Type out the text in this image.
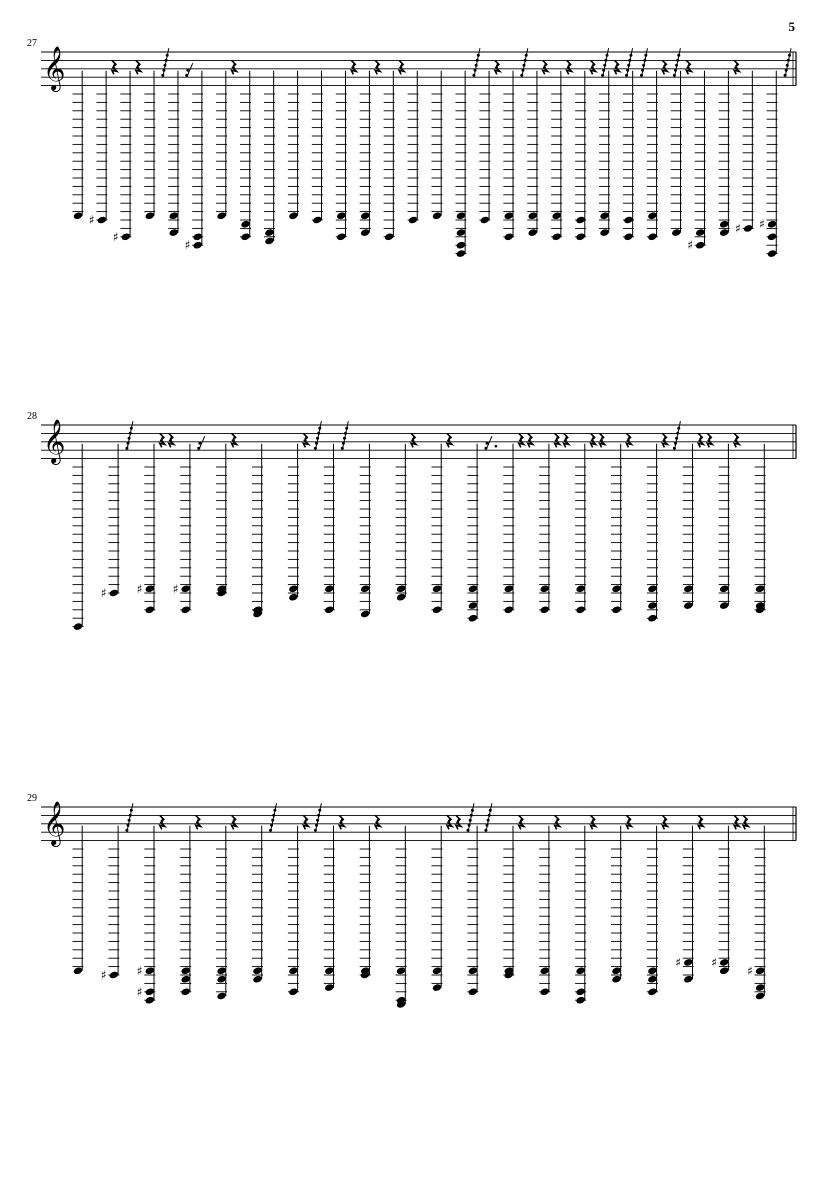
5
27
𝄞
♯
𝄽
♯
𝄽
♯
𝄽	𝄽 𝄽 𝄽	𝄽	𝄽 𝄽 𝄽 𝄽	𝄽 𝄽
♯
𝄽
♯ ♯
28
𝄞
♯	♯
𝄽 𝄽
♯
𝄽	𝄽	𝄽 𝄽	𝄽 𝄽 𝄽 𝄽 𝄽 𝄽 𝄽 𝄽 𝄽 𝄽 𝄽
29
𝄞
♯	♯
♯
𝄽 𝄽 𝄽	𝄽 𝄽 𝄽	𝄽 𝄽	𝄽 𝄽 𝄽 𝄽 𝄽
♯
𝄽
♯
𝄽 𝄽
♯
